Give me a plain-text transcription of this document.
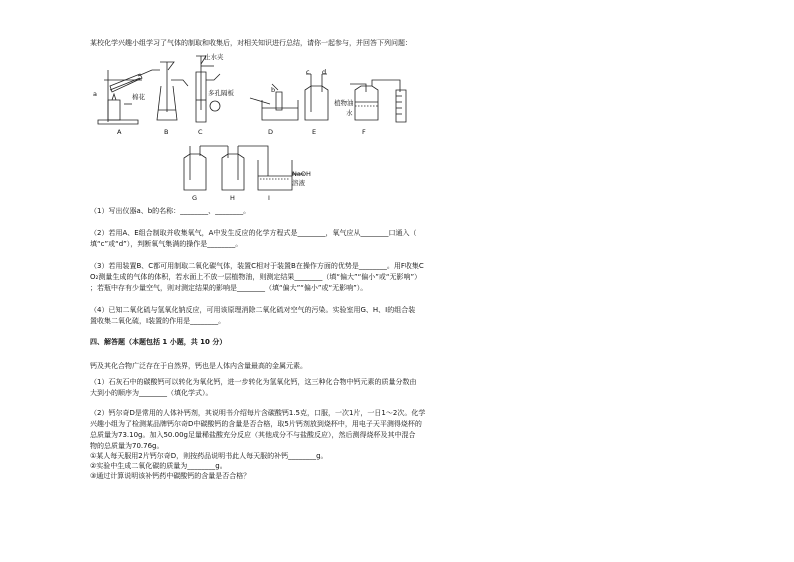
某校化学兴趣小组学习了气体的制取和收集后，对相关知识进行总结，请你一起参与，并回答下列问题：
a	棉花
止水夹
多孔隔板	b
c d
植物油
水
NaOH
溶液
A	B	C	D	E	F
G	H	I
（1）写出仪器a、b的名称：________、________。
（2）若用A、E组合制取并收集氧气，A中发生反应的化学方程式是________，氧气应从________口通入（
填“c”或“d”），判断氧气集满的操作是________。
（3）若用装置B、C都可用制取二氧化碳气体，装置C相对于装置B在操作方面的优势是________。用F收集C
O₂测量生成的气体的体积，若水面上不放一层植物油，则测定结果________（填“偏大”“偏小”或“无影响”）
；若瓶中存有少量空气，则对测定结果的影响是________（填“偏大”“偏小”或“无影响”）。
（4）已知二氧化硫与氢氧化钠反应，可用该原理消除二氧化硫对空气的污染。实验室用G、H、I的组合装
置收集二氧化硫，I装置的作用是________。
四、解答题（本题包括 1 小题，共 10 分）
钙及其化合物广泛存在于自然界，钙也是人体内含量最高的金属元素。
（1）石灰石中的碳酸钙可以转化为氧化钙，进一步转化为氢氧化钙，这三种化合物中钙元素的质量分数由
大到小的顺序为________（填化学式）。
（2）钙尔奇D是常用的人体补钙剂，其说明书介绍每片含碳酸钙1.5克，口服，一次1片，一日1～2次。化学
兴趣小组为了检测某品牌钙尔奇D中碳酸钙的含量是否合格，取5片钙剂放到烧杯中，用电子天平测得烧杯的
总质量为73.10g。加入50.00g足量稀盐酸充分反应（其他成分不与盐酸反应），然后测得烧杯及其中混合
物的总质量为70.76g。
①某人每天服用2片钙尔奇D，则按药品说明书此人每天服的补钙________g。
②实验中生成二氧化碳的质量为________g。
③通过计算说明该补钙药中碳酸钙的含量是否合格？
